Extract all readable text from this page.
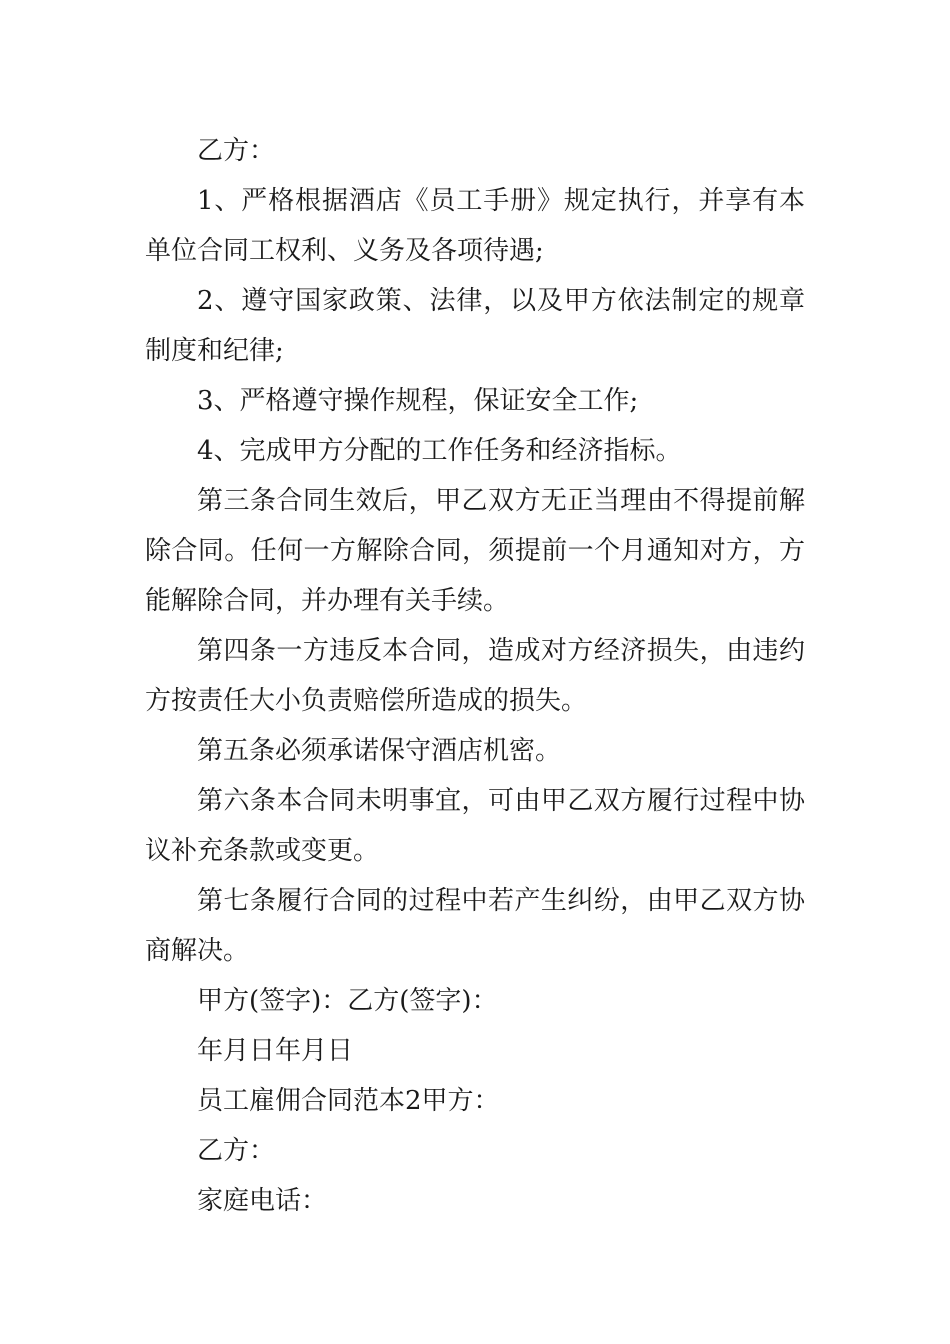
乙方：

1、严格根据酒店《员工手册》规定执行，并享有本单位合同工权利、义务及各项待遇;

2、遵守国家政策、法律，以及甲方依法制定的规章制度和纪律;

3、严格遵守操作规程，保证安全工作;

4、完成甲方分配的工作任务和经济指标。

第三条合同生效后，甲乙双方无正当理由不得提前解除合同。任何一方解除合同，须提前一个月通知对方，方能解除合同，并办理有关手续。

第四条一方违反本合同，造成对方经济损失，由违约方按责任大小负责赔偿所造成的损失。

第五条必须承诺保守酒店机密。

第六条本合同未明事宜，可由甲乙双方履行过程中协议补充条款或变更。

第七条履行合同的过程中若产生纠纷，由甲乙双方协商解决。

甲方(签字)：乙方(签字)：

年月日年月日

员工雇佣合同范本2甲方：

乙方：

家庭电话：
